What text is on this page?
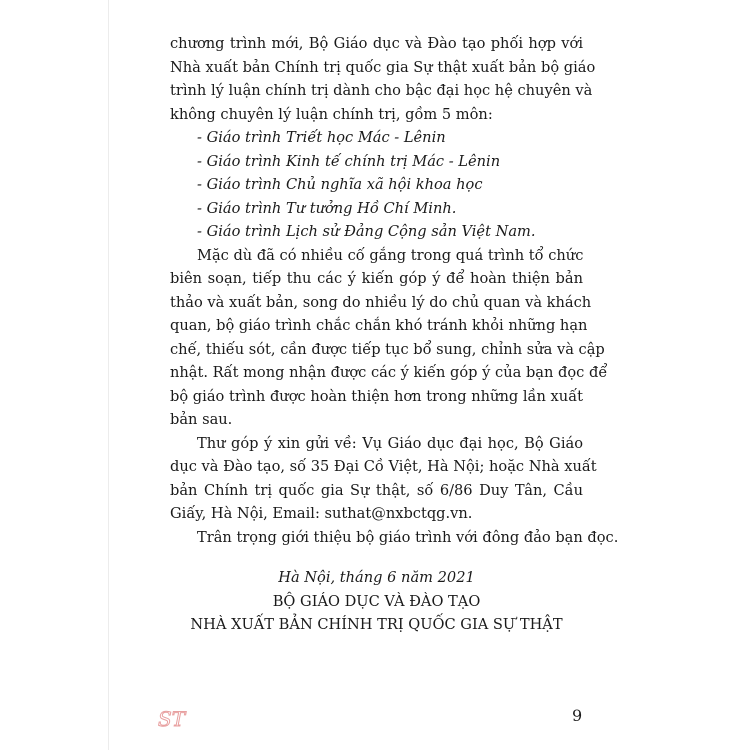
chương trình mới, Bộ Giáo dục và Đào tạo phối hợp với
Nhà xuất bản Chính trị quốc gia Sự thật xuất bản bộ giáo
trình lý luận chính trị dành cho bậc đại học hệ chuyên và
không chuyên lý luận chính trị, gồm 5 môn:
- Giáo trình Triết học Mác - Lênin
- Giáo trình Kinh tế chính trị Mác - Lênin
- Giáo trình Chủ nghĩa xã hội khoa học
- Giáo trình Tư tưởng Hồ Chí Minh.
- Giáo trình Lịch sử Đảng Cộng sản Việt Nam.
Mặc dù đã có nhiều cố gắng trong quá trình tổ chức
biên soạn, tiếp thu các ý kiến góp ý để hoàn thiện bản
thảo và xuất bản, song do nhiều lý do chủ quan và khách
quan, bộ giáo trình chắc chắn khó tránh khỏi những hạn
chế, thiếu sót, cần được tiếp tục bổ sung, chỉnh sửa và cập
nhật. Rất mong nhận được các ý kiến góp ý của bạn đọc để
bộ giáo trình được hoàn thiện hơn trong những lần xuất
bản sau.
Thư góp ý xin gửi về: Vụ Giáo dục đại học, Bộ Giáo
dục và Đào tạo, số 35 Đại Cồ Việt, Hà Nội; hoặc Nhà xuất
bản Chính trị quốc gia Sự thật, số 6/86 Duy Tân, Cầu
Giấy, Hà Nội, Email: suthat@nxbctqg.vn.
Trân trọng giới thiệu bộ giáo trình với đông đảo bạn đọc.
Hà Nội, tháng 6 năm 2021
BỘ GIÁO DỤC VÀ ĐÀO TẠO
NHÀ XUẤT BẢN CHÍNH TRỊ QUỐC GIA SỰ THẬT
ST	9
